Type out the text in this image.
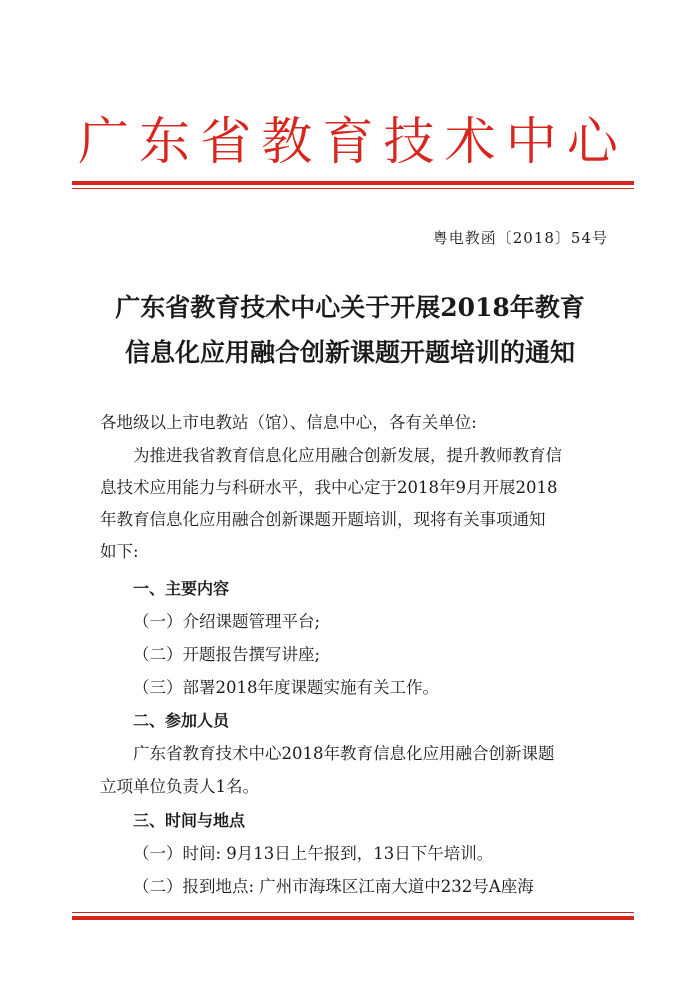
广 东 省 教 育 技 术 中 心
粤电教函〔2018〕54号
广东省教育技术中心关于开展2018年教育
信息化应用融合创新课题开题培训的通知
各地级以上市电教站（馆）、信息中心，各有关单位:
为推进我省教育信息化应用融合创新发展，提升教师教育信
息技术应用能力与科研水平，我中心定于2018年9月开展2018
年教育信息化应用融合创新课题开题培训，现将有关事项通知
如下:
一、主要内容
（一）介绍课题管理平台;
（二）开题报告撰写讲座;
（三）部署2018年度课题实施有关工作。
二、参加人员
广东省教育技术中心2018年教育信息化应用融合创新课题
立项单位负责人1名。
三、时间与地点
（一）时间: 9月13日上午报到，13日下午培训。
（二）报到地点: 广州市海珠区江南大道中232号A座海
